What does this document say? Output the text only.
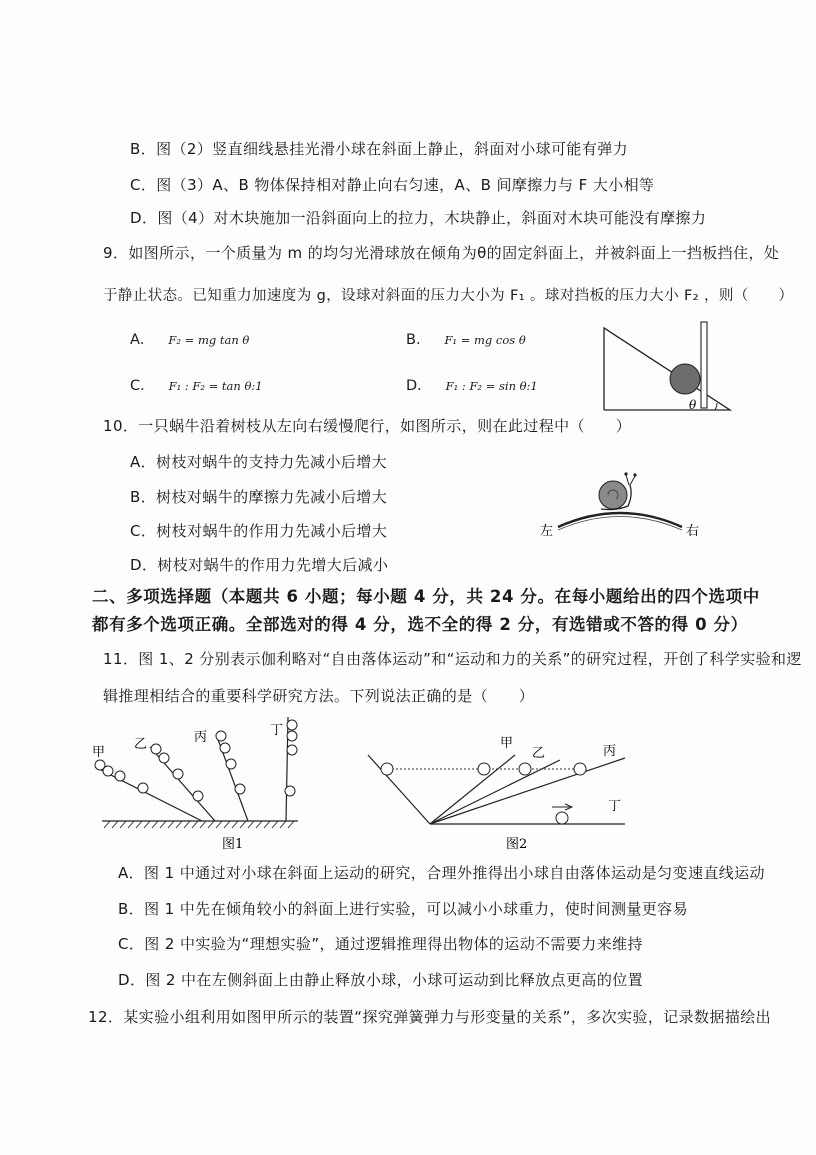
B．图（2）竖直细线悬挂光滑小球在斜面上静止，斜面对小球可能有弹力
C．图（3）A、B 物体保持相对静止向右匀速，A、B 间摩擦力与 F 大小相等
D．图（4）对木块施加一沿斜面向上的拉力，木块静止，斜面对木块可能没有摩擦力
9．如图所示，一个质量为 m 的均匀光滑球放在倾角为θ的固定斜面上，并被斜面上一挡板挡住，处
于静止状态。已知重力加速度为 g，设球对斜面的压力大小为 F₁ 。球对挡板的压力大小 F₂ ，则（　　）
A． F₂ = mg tan θ	B． F₁ = mg cos θ
C． F₁ : F₂ = tan θ:1	D． F₁ : F₂ = sin θ:1
θ
10．一只蜗牛沿着树枝从左向右缓慢爬行，如图所示，则在此过程中（　　）
A．树枝对蜗牛的支持力先减小后增大
B．树枝对蜗牛的摩擦力先减小后增大
C．树枝对蜗牛的作用力先减小后增大
D．树枝对蜗牛的作用力先增大后减小
左	右
二、多项选择题（本题共 6 小题；每小题 4 分，共 24 分。在每小题给出的四个选项中
都有多个选项正确。全部选对的得 4 分，选不全的得 2 分，有选错或不答的得 0 分）
11．图 1、2 分别表示伽利略对“自由落体运动”和“运动和力的关系”的研究过程，开创了科学实验和逻
辑推理相结合的重要科学研究方法。下列说法正确的是（　　）
甲
乙	丙	丁
图1
甲
乙	丙
丁
图2
A．图 1 中通过对小球在斜面上运动的研究，合理外推得出小球自由落体运动是匀变速直线运动
B．图 1 中先在倾角较小的斜面上进行实验，可以减小小球重力，使时间测量更容易
C．图 2 中实验为“理想实验”，通过逻辑推理得出物体的运动不需要力来维持
D．图 2 中在左侧斜面上由静止释放小球，小球可运动到比释放点更高的位置
12．某实验小组利用如图甲所示的装置“探究弹簧弹力与形变量的关系”，多次实验，记录数据描绘出
